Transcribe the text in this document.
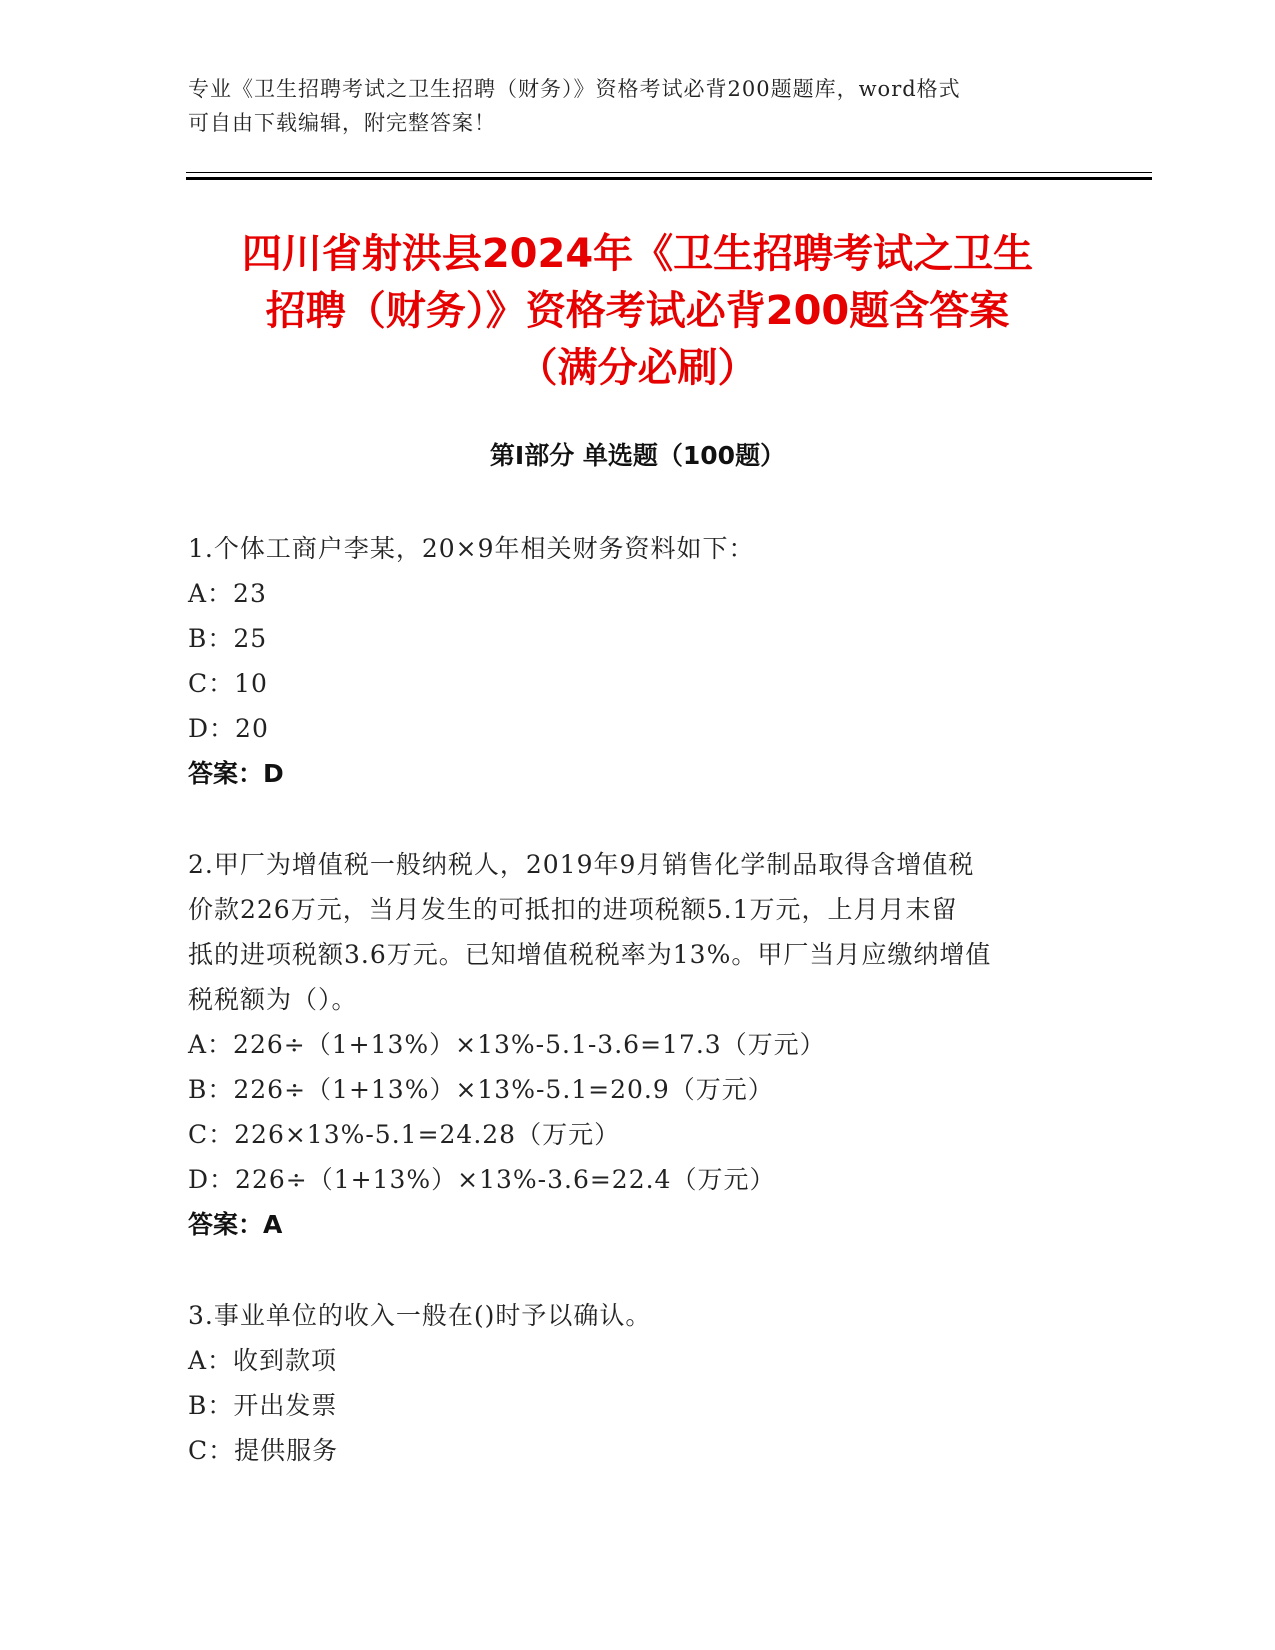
专业《卫生招聘考试之卫生招聘（财务）》资格考试必背200题题库，word格式
可自由下载编辑，附完整答案！
四川省射洪县2024年《卫生招聘考试之卫生
招聘（财务）》资格考试必背200题含答案
（满分必刷）
第Ⅰ部分 单选题（100题）
1.个体工商户李某，20×9年相关财务资料如下：
A：23
B：25
C：10
D：20
答案：D
2.甲厂为增值税一般纳税人，2019年9月销售化学制品取得含增值税
价款226万元，当月发生的可抵扣的进项税额5.1万元，上月月末留
抵的进项税额3.6万元。已知增值税税率为13%。甲厂当月应缴纳增值
税税额为（）。
A：226÷（1+13%）×13%-5.1-3.6=17.3（万元）
B：226÷（1+13%）×13%-5.1=20.9（万元）
C：226×13%-5.1=24.28（万元）
D：226÷（1+13%）×13%-3.6=22.4（万元）
答案：A
3.事业单位的收入一般在()时予以确认。
A：收到款项
B：开出发票
C：提供服务
